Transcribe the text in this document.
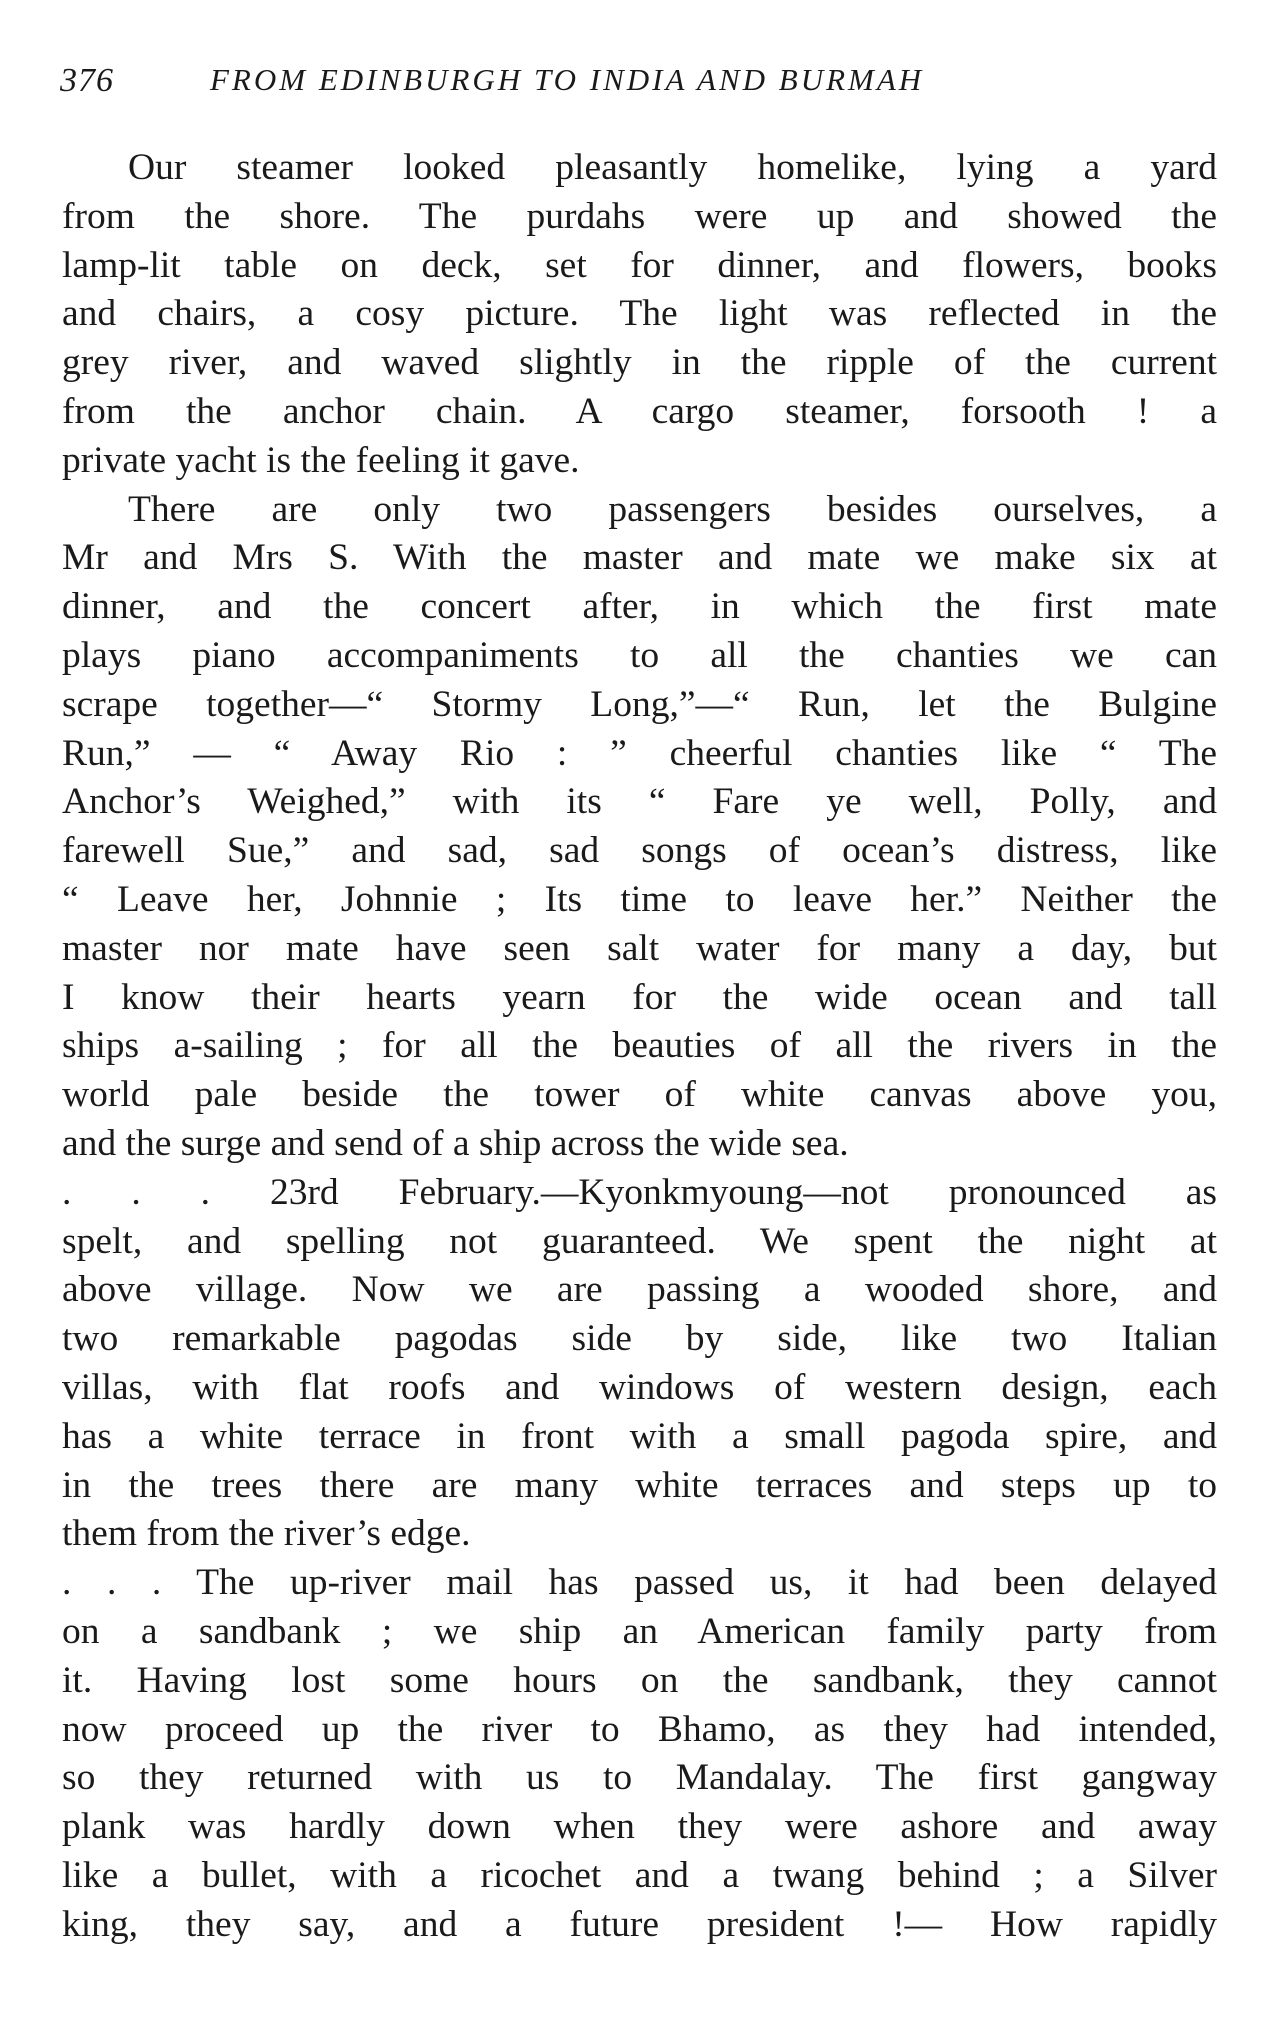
376	FROM EDINBURGH TO INDIA AND BURMAH
Our steamer looked pleasantly homelike, lying a yard
from the shore. The purdahs were up and showed the
lamp-lit table on deck, set for dinner, and flowers, books
and chairs, a cosy picture. The light was reflected in the
grey river, and waved slightly in the ripple of the current
from the anchor chain. A cargo steamer, forsooth ! a
private yacht is the feeling it gave.
There are only two passengers besides ourselves, a
Mr and Mrs S. With the master and mate we make six at
dinner, and the concert after, in which the first mate
plays piano accompaniments to all the chanties we can
scrape together—“ Stormy Long,”—“ Run, let the Bulgine
Run,” — “ Away Rio : ” cheerful chanties like “ The
Anchor’s Weighed,” with its “ Fare ye well, Polly, and
farewell Sue,” and sad, sad songs of ocean’s distress, like
“ Leave her, Johnnie ; Its time to leave her.” Neither the
master nor mate have seen salt water for many a day, but
I know their hearts yearn for the wide ocean and tall
ships a-sailing ; for all the beauties of all the rivers in the
world pale beside the tower of white canvas above you,
and the surge and send of a ship across the wide sea.
. . . 23rd February.—Kyonkmyoung—not pronounced as
spelt, and spelling not guaranteed. We spent the night at
above village. Now we are passing a wooded shore, and
two remarkable pagodas side by side, like two Italian
villas, with flat roofs and windows of western design, each
has a white terrace in front with a small pagoda spire, and
in the trees there are many white terraces and steps up to
them from the river’s edge.
. . . The up-river mail has passed us, it had been delayed
on a sandbank ; we ship an American family party from
it. Having lost some hours on the sandbank, they cannot
now proceed up the river to Bhamo, as they had intended,
so they returned with us to Mandalay. The first gangway
plank was hardly down when they were ashore and away
like a bullet, with a ricochet and a twang behind ; a Silver
king, they say, and a future president !— How rapidly
